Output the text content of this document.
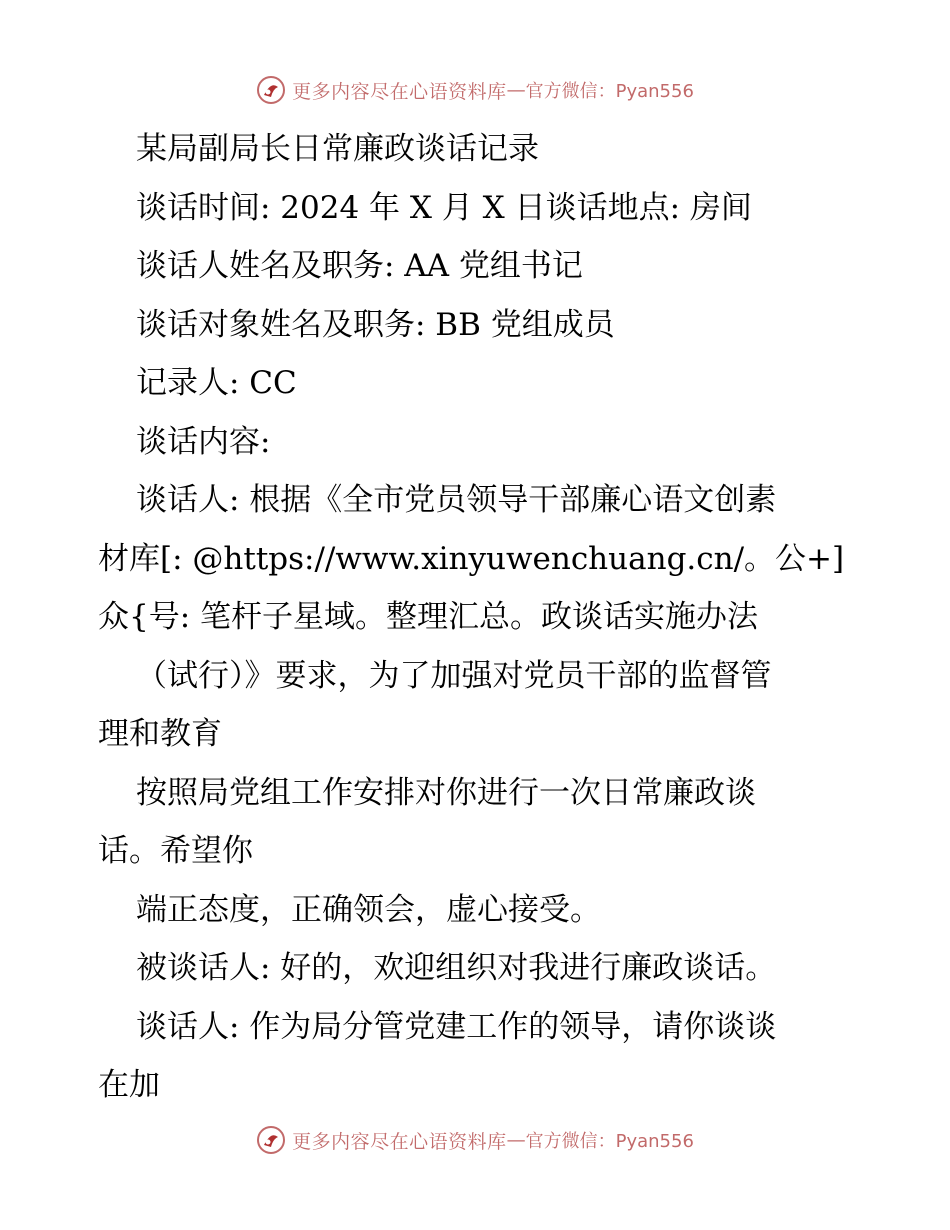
更多内容尽在心语资料库 — 官方微信：Pyan556

某局副局长日常廉政谈话记录

谈话时间: 2024 年 X 月 X 日谈话地点: 房间

谈话人姓名及职务: AA 党组书记

谈话对象姓名及职务: BB 党组成员

记录人: CC

谈话内容:

谈话人: 根据《全市党员领导干部廉心语文创素

材库[: @https://www.xinyuwenchuang.cn/。公+]

众{号: 笔杆子星域。整理汇总。政谈话实施办法

（试行）》要求，为了加强对党员干部的监督管

理和教育

按照局党组工作安排对你进行一次日常廉政谈

话。希望你

端正态度，正确领会，虚心接受。

被谈话人: 好的，欢迎组织对我进行廉政谈话。

谈话人: 作为局分管党建工作的领导，请你谈谈

在加

更多内容尽在心语资料库 — 官方微信：Pyan556
